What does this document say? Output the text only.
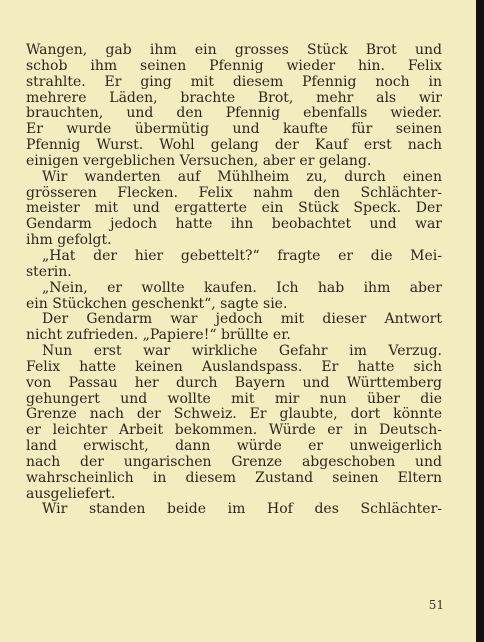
Wangen, gab ihm ein grosses Stück Brot und
schob ihm seinen Pfennig wieder hin. Felix
strahlte. Er ging mit diesem Pfennig noch in
mehrere Läden, brachte Brot, mehr als wir
brauchten, und den Pfennig ebenfalls wieder.
Er wurde übermütig und kaufte für seinen
Pfennig Wurst. Wohl gelang der Kauf erst nach
einigen vergeblichen Versuchen, aber er gelang.
Wir wanderten auf Mühlheim zu, durch einen
grösseren Flecken. Felix nahm den Schlächter-
meister mit und ergatterte ein Stück Speck. Der
Gendarm jedoch hatte ihn beobachtet und war
ihm gefolgt.
„Hat der hier gebettelt?“ fragte er die Mei-
sterin.
„Nein, er wollte kaufen. Ich hab ihm aber
ein Stückchen geschenkt“, sagte sie.
Der Gendarm war jedoch mit dieser Antwort
nicht zufrieden. „Papiere!“ brüllte er.
Nun erst war wirkliche Gefahr im Verzug.
Felix hatte keinen Auslandspass. Er hatte sich
von Passau her durch Bayern und Württemberg
gehungert und wollte mit mir nun über die
Grenze nach der Schweiz. Er glaubte, dort könnte
er leichter Arbeit bekommen. Würde er in Deutsch-
land erwischt, dann würde er unweigerlich
nach der ungarischen Grenze abgeschoben und
wahrscheinlich in diesem Zustand seinen Eltern
ausgeliefert.
Wir standen beide im Hof des Schlächter-
51
